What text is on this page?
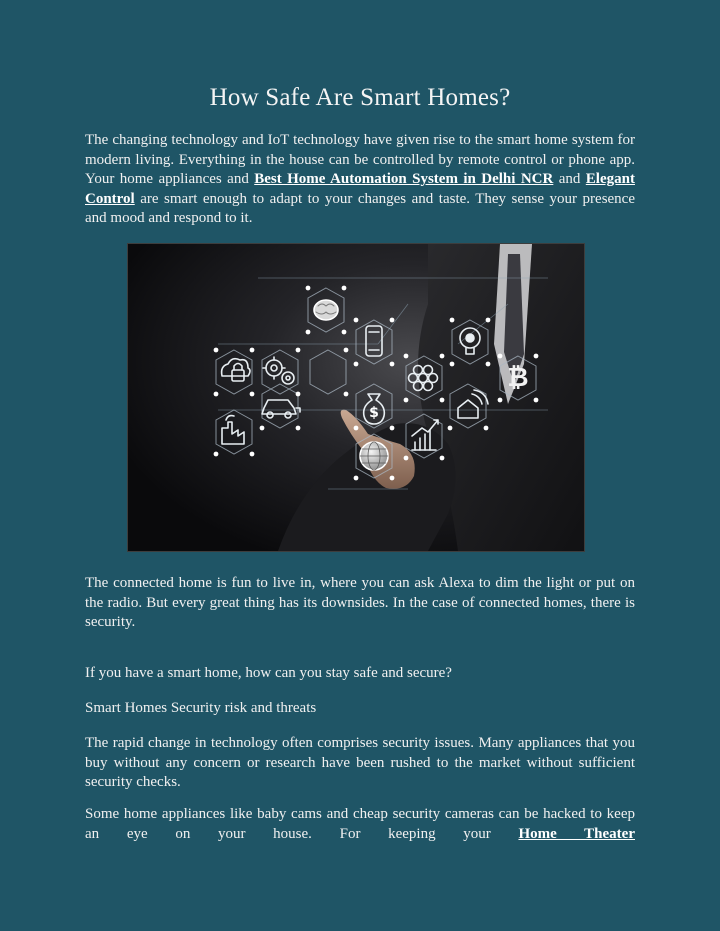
How Safe Are Smart Homes?

The changing technology and IoT technology have given rise to the smart home system for modern living. Everything in the house can be controlled by remote control or phone app. Your home appliances and Best Home Automation System in Delhi NCR and Elegant Control are smart enough to adapt to your changes and taste. They sense your presence and mood and respond to it.

$
₿

The connected home is fun to live in, where you can ask Alexa to dim the light or put on the radio. But every great thing has its downsides. In the case of connected homes, there is security.

If you have a smart home, how can you stay safe and secure?

Smart Homes Security risk and threats

The rapid change in technology often comprises security issues. Many appliances that you buy without any concern or research have been rushed to the market without sufficient security checks.

Some home appliances like baby cams and cheap security cameras can be hacked to keep an eye on your house. For keeping your Home Theater
